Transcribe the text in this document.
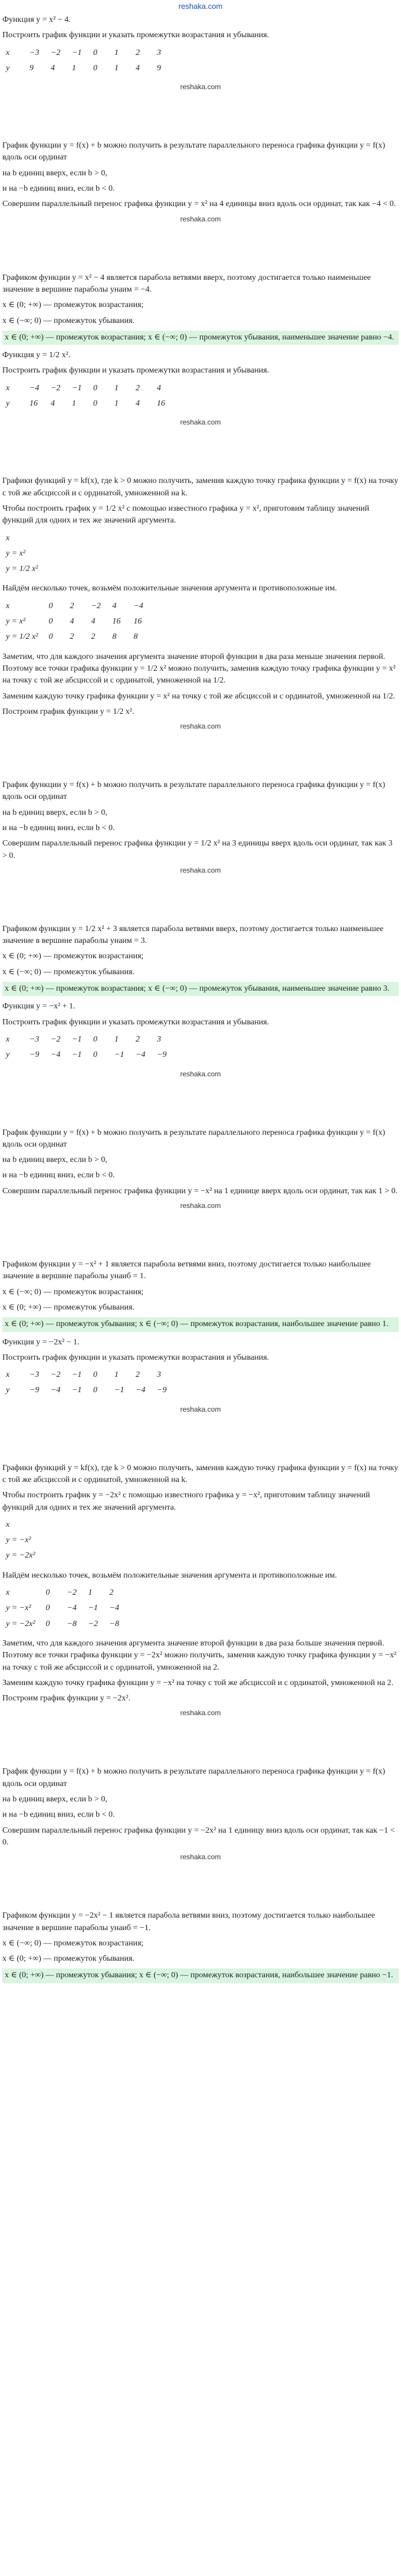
reshaka.com

Функция y = x² − 4.

Построить график функции и указать промежутки возрастания и убывания.

x	−3	−2	−1	0	1	2	3
y	9	4	1	0	1	4	9
reshaka.com

График функции y = f(x) + b можно получить в результате параллельного переноса графика функции y = f(x) вдоль оси ординат

на b единиц вверх, если b > 0,

и на −b единиц вниз, если b < 0.

Совершим параллельный перенос графика функции y = x² на 4 единицы вниз вдоль оси ординат, так как −4 < 0.

reshaka.com

Графиком функции y = x² − 4 является парабола ветвями вверх, поэтому достигается только наименьшее значение в вершине параболы yнаим = −4.

x ∈ (0; +∞) — промежуток возрастания;

x ∈ (−∞; 0) — промежуток убывания.

x ∈ (0; +∞) — промежуток возрастания; x ∈ (−∞; 0) — промежуток убывания, наименьшее значение равно −4.

Функция y = 1/2 x².

Построить график функции и указать промежутки возрастания и убывания.

x	−4	−2	−1	0	1	2	4
y	16	4	1	0	1	4	16
reshaka.com

Графики функций y = kf(x), где k > 0 можно получить, заменив каждую точку графика функции y = f(x) на точку с той же абсциссой и с ординатой, умноженной на k.

Чтобы построить график y = 1/2 x² с помощью известного графика y = x², приготовим таблицу значений функций для одних и тех же значений аргумента.

x
y = x²
y = 1/2 x²

Найдём несколько точек, возьмём положительные значения аргумента и противоположные им.

x	0	2	−2	4	−4
y = x²	0	4	4	16	16
y = 1/2 x²	0	2	2	8	8

Заметим, что для каждого значения аргумента значение второй функции в два раза меньше значения первой. Поэтому все точки графика функции y = 1/2 x² можно получить, заменив каждую точку графика функции y = x² на точку с той же абсциссой и с ординатой, умноженной на 1/2.

Заменим каждую точку графика функции y = x² на точку с той же абсциссой и с ординатой, умноженной на 1/2.

Построим график функции y = 1/2 x².

reshaka.com

График функции y = f(x) + b можно получить в результате параллельного переноса графика функции y = f(x) вдоль оси ординат

на b единиц вверх, если b > 0,

и на −b единиц вниз, если b < 0.

Совершим параллельный перенос графика функции y = 1/2 x² на 3 единицы вверх вдоль оси ординат, так как 3 > 0.

reshaka.com

Графиком функции y = 1/2 x² + 3 является парабола ветвями вверх, поэтому достигается только наименьшее значение в вершине параболы yнаим = 3.

x ∈ (0; +∞) — промежуток возрастания;

x ∈ (−∞; 0) — промежуток убывания.

x ∈ (0; +∞) — промежуток возрастания; x ∈ (−∞; 0) — промежуток убывания, наименьшее значение равно 3.

Функция y = −x² + 1.

Построить график функции и указать промежутки возрастания и убывания.

x	−3	−2	−1	0	1	2	3
y	−9	−4	−1	0	−1	−4	−9
reshaka.com

График функции y = f(x) + b можно получить в результате параллельного переноса графика функции y = f(x) вдоль оси ординат

на b единиц вверх, если b > 0,

и на −b единиц вниз, если b < 0.

Совершим параллельный перенос графика функции y = −x² на 1 единице вверх вдоль оси ординат, так как 1 > 0.

reshaka.com

Графиком функции y = −x² + 1 является парабола ветвями вниз, поэтому достигается только наибольшее значение в вершине параболы yнаиб = 1.

x ∈ (−∞; 0) — промежуток возрастания;

x ∈ (0; +∞) — промежуток убывания.

x ∈ (0; +∞) — промежуток убывания; x ∈ (−∞; 0) — промежуток возрастания, наибольшее значение равно 1.

Функция y = −2x² − 1.

Построить график функции и указать промежутки возрастания и убывания.

x	−3	−2	−1	0	1	2	3
y	−9	−4	−1	0	−1	−4	−9
reshaka.com

Графики функций y = kf(x), где k > 0 можно получить, заменив каждую точку графика функции y = f(x) на точку с той же абсциссой и с ординатой, умноженной на k.

Чтобы построить график y = −2x² с помощью известного графика y = −x², приготовим таблицу значений функций для одних и тех же значений аргумента.

x
y = −x²
y = −2x²

Найдём несколько точек, возьмём положительные значения аргумента и противоположные им.

x	0	−2	1	2
y = −x²	0	−4	−1	−4
y = −2x²	0	−8	−2	−8

Заметим, что для каждого значения аргумента значение второй функции в два раза больше значения первой. Поэтому все точки графика функции y = −2x² можно получить, заменив каждую точку графика функции y = −x² на точку с той же абсциссой и с ординатой, умноженной на 2.

Заменим каждую точку графика функции y = −x² на точку с той же абсциссой и с ординатой, умноженной на 2.

Построим график функции y = −2x².

reshaka.com

График функции y = f(x) + b можно получить в результате параллельного переноса графика функции y = f(x) вдоль оси ординат

на b единиц вверх, если b > 0,

и на −b единиц вниз, если b < 0.

Совершим параллельный перенос графика функции y = −2x² на 1 единицу вниз вдоль оси ординат, так как −1 < 0.

reshaka.com

Графиком функции y = −2x² − 1 является парабола ветвями вниз, поэтому достигается только наибольшее значение в вершине параболы yнаиб = −1.

x ∈ (−∞; 0) — промежуток возрастания;

x ∈ (0; +∞) — промежуток убывания.

x ∈ (0; +∞) — промежуток убывания; x ∈ (−∞; 0) — промежуток возрастания, наибольшее значение равно −1.
